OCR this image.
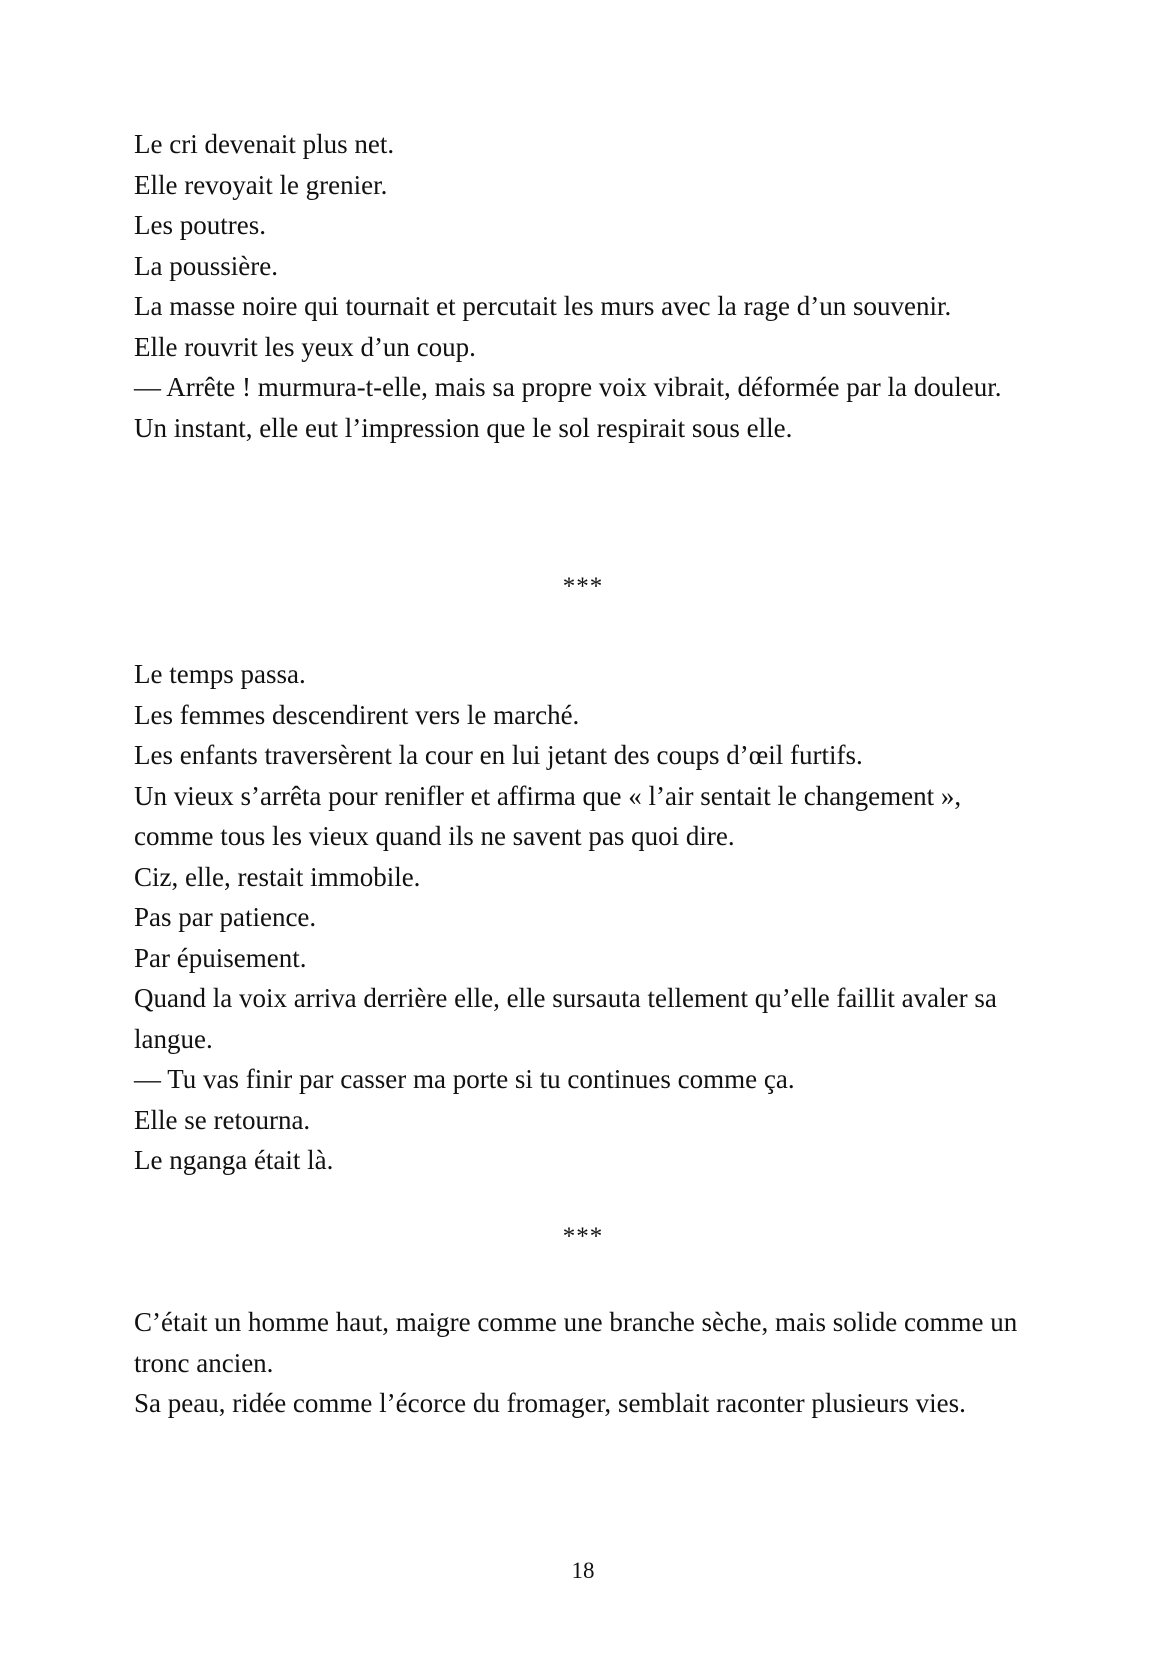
Le cri devenait plus net.

Elle revoyait le grenier.

Les poutres.

La poussière.

La masse noire qui tournait et percutait les murs avec la rage d’un souvenir.

Elle rouvrit les yeux d’un coup.

— Arrête ! murmura-t-elle, mais sa propre voix vibrait, déformée par la douleur.

Un instant, elle eut l’impression que le sol respirait sous elle.

***

Le temps passa.

Les femmes descendirent vers le marché.

Les enfants traversèrent la cour en lui jetant des coups d’œil furtifs.

Un vieux s’arrêta pour renifler et affirma que « l’air sentait le changement », comme tous les vieux quand ils ne savent pas quoi dire.

Ciz, elle, restait immobile.

Pas par patience.

Par épuisement.

Quand la voix arriva derrière elle, elle sursauta tellement qu’elle faillit avaler sa langue.

— Tu vas finir par casser ma porte si tu continues comme ça.

Elle se retourna.

Le nganga était là.

***

C’était un homme haut, maigre comme une branche sèche, mais solide comme un tronc ancien.

Sa peau, ridée comme l’écorce du fromager, semblait raconter plusieurs vies.

18
